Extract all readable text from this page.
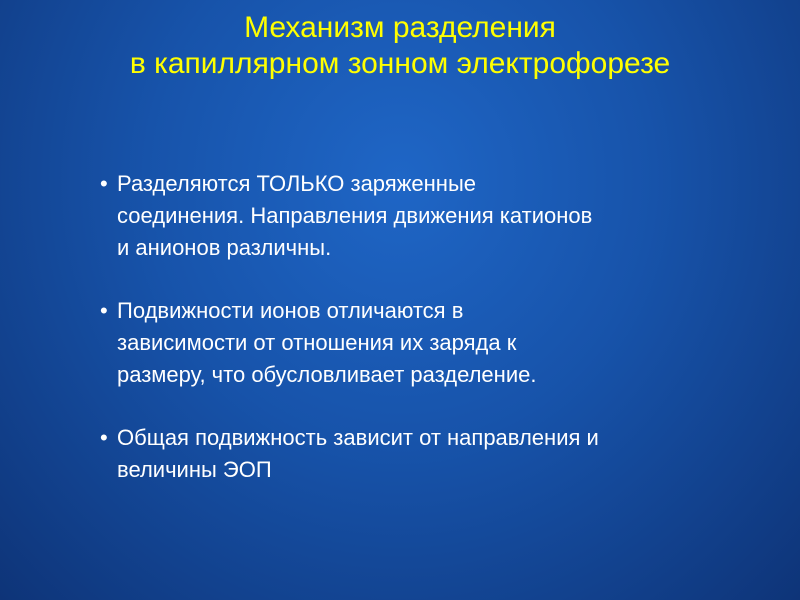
Механизм разделения
в капиллярном зонном электрофорезе
• Разделяются ТОЛЬКО заряженные
соединения. Направления движения катионов
и анионов различны.
• Подвижности ионов отличаются в
зависимости от отношения их заряда к
размеру, что обусловливает разделение.
• Общая подвижность зависит от направления и
величины ЭОП
